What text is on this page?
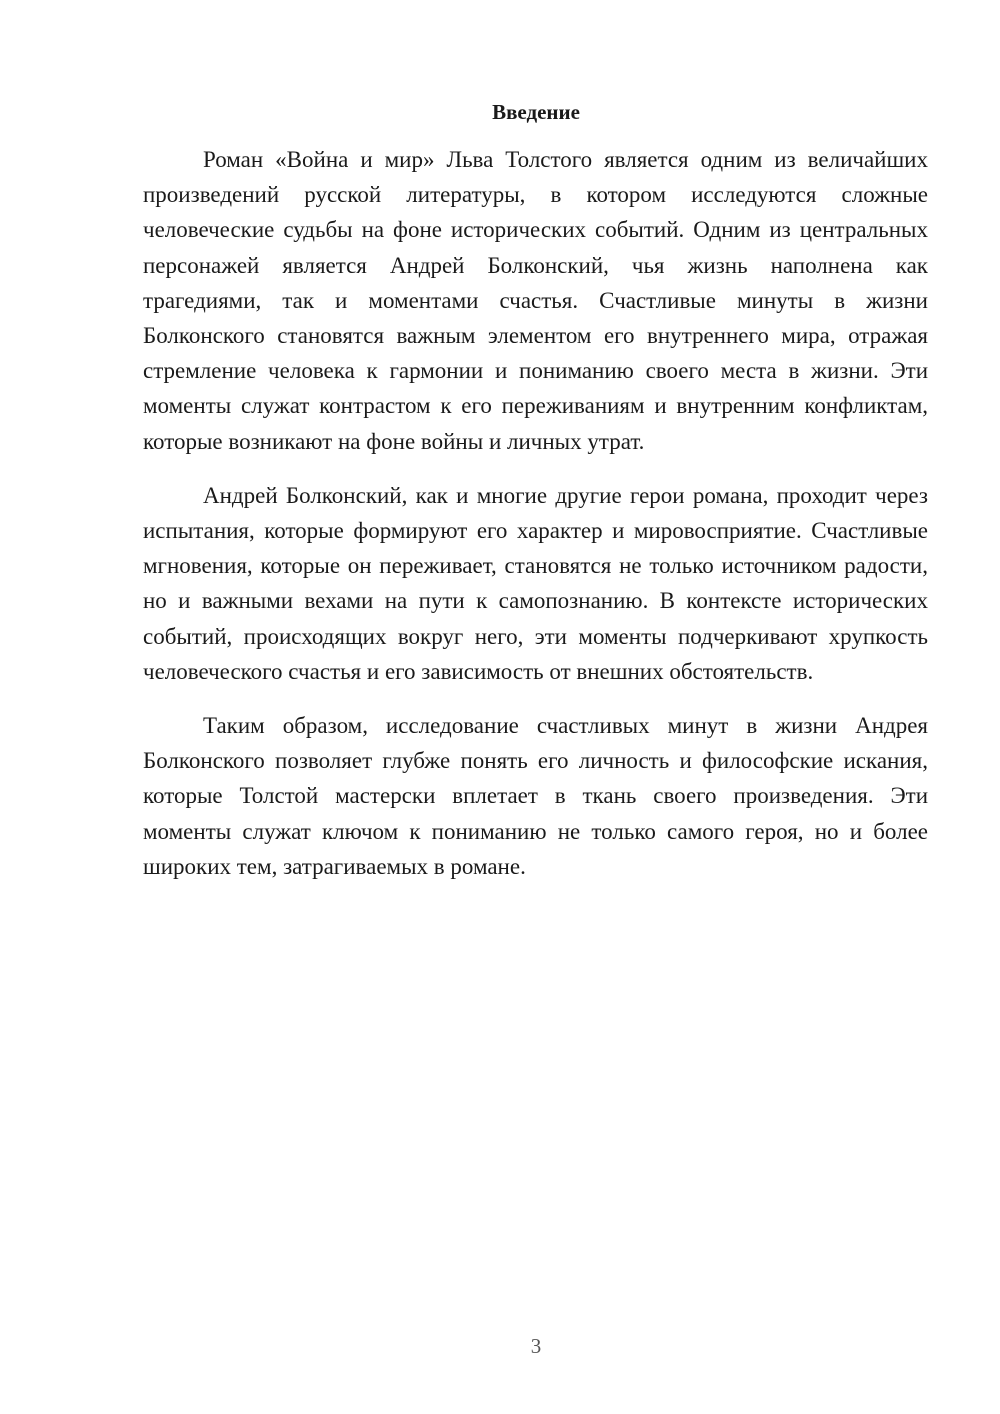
Введение

Роман «Война и мир» Льва Толстого является одним из величайших произведений русской литературы, в котором исследуются сложные человеческие судьбы на фоне исторических событий. Одним из центральных персонажей является Андрей Болконский, чья жизнь наполнена как трагедиями, так и моментами счастья. Счастливые минуты в жизни Болконского становятся важным элементом его внутреннего мира, отражая стремление человека к гармонии и пониманию своего места в жизни. Эти моменты служат контрастом к его переживаниям и внутренним конфликтам, которые возникают на фоне войны и личных утрат.

Андрей Болконский, как и многие другие герои романа, проходит через испытания, которые формируют его характер и мировосприятие. Счастливые мгновения, которые он переживает, становятся не только источником радости, но и важными вехами на пути к самопознанию. В контексте исторических событий, происходящих вокруг него, эти моменты подчеркивают хрупкость человеческого счастья и его зависимость от внешних обстоятельств.

Таким образом, исследование счастливых минут в жизни Андрея Болконского позволяет глубже понять его личность и философские искания, которые Толстой мастерски вплетает в ткань своего произведения. Эти моменты служат ключом к пониманию не только самого героя, но и более широких тем, затрагиваемых в романе.

3
